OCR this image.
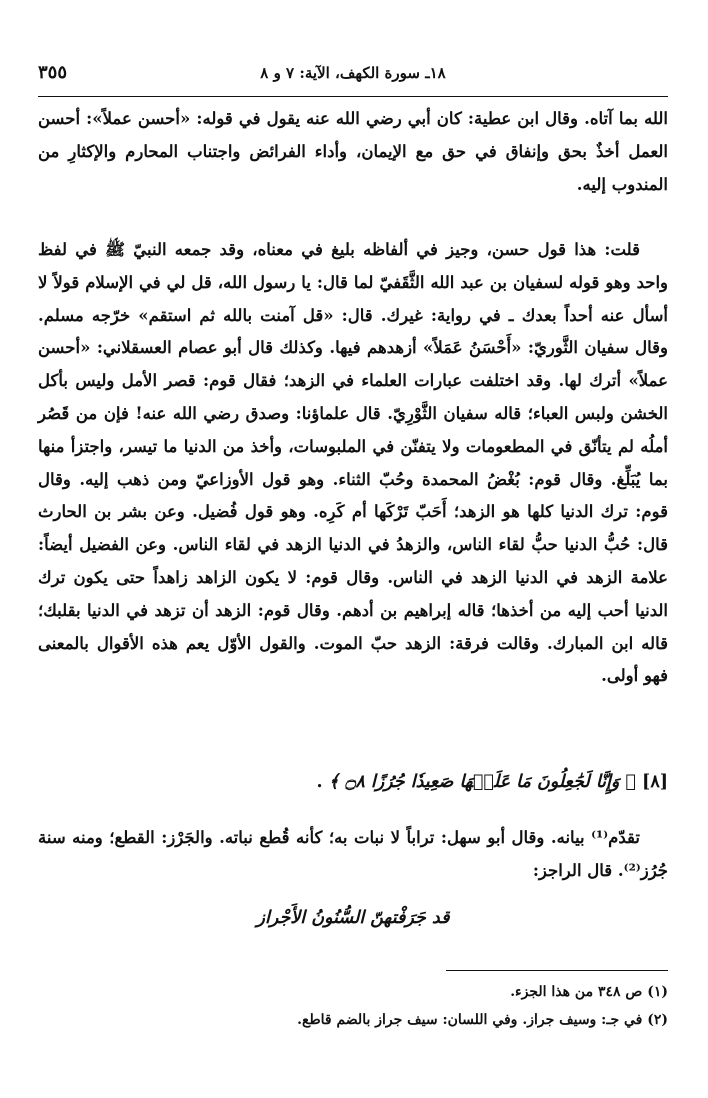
١٨ـ سورة الكهف، الآية: ٧ و ٨
٣٥٥

الله بما آتاه. وقال ابن عطية: كان أبي رضي الله عنه يقول في قوله: «أحسن عملاً»: أحسن العمل أخذٌ بحق وإنفاق في حق مع الإيمان، وأداء الفرائض واجتناب المحارم والإكثارِ من المندوب إليه.

قلت: هذا قول حسن، وجيز في ألفاظه بليغ في معناه، وقد جمعه النبيّ ﷺ في لفظ واحد وهو قوله لسفيان بن عبد الله الثَّقَفيّ لما قال: يا رسول الله، قل لي في الإسلام قولاً لا أسأل عنه أحداً بعدك ـ في رواية: غيرك. قال: «قل آمنت بالله ثم استقم» خرّجه مسلم. وقال سفيان الثَّوريّ: «أَحْسَنُ عَمَلاً» أزهدهم فيها. وكذلك قال أبو عصام العسقلاني: «أحسن عملاً» أترك لها. وقد اختلفت عبارات العلماء في الزهد؛ فقال قوم: قصر الأمل وليس بأكل الخشن ولبس العباء؛ قاله سفيان الثَّوْرِيّ. قال علماؤنا: وصدق رضي الله عنه! فإن من قَصُر أملُه لم يتأنّق في المطعومات ولا يتفنّن في الملبوسات، وأخذ من الدنيا ما تيسر، واجتزأ منها بما يُبَلِّغ. وقال قوم: بُغْضُ المحمدة وحُبّ الثناء. وهو قول الأوزاعيّ ومن ذهب إليه. وقال قوم: ترك الدنيا كلها هو الزهد؛ أَحَبّ تَرْكَها أم كَرِه. وهو قول فُضيل. وعن بشر بن الحارث قال: حُبُّ الدنيا حبُّ لقاء الناس، والزهدُ في الدنيا الزهد في لقاء الناس. وعن الفضيل أيضاً: علامة الزهد في الدنيا الزهد في الناس. وقال قوم: لا يكون الزاهد زاهداً حتى يكون ترك الدنيا أحب إليه من أخذها؛ قاله إبراهيم بن أدهم. وقال قوم: الزهد أن تزهد في الدنيا بقلبك؛ قاله ابن المبارك. وقالت فرقة: الزهد حبّ الموت. والقول الأوّل يعم هذه الأقوال بالمعنى فهو أولى.

[٨] ﴿ وَإِنَّا لَجَٰعِلُونَ مَا عَلَيۡهَا صَعِيدٗا جُرُزًا ۝٨ ﴾ .

تقدّم⁽¹⁾ بيانه. وقال أبو سهل: تراباً لا نبات به؛ كأنه قُطع نباته. والجَرْز: القطع؛ ومنه سنة جُرُز⁽²⁾. قال الراجز:

قد جَرَفْتهنّ السُّنُونُ الأَجْراز
(١) ص ٣٤٨ من هذا الجزء.
(٢) في جـ: وسيف جراز. وفي اللسان: سيف جراز بالضم قاطع.
